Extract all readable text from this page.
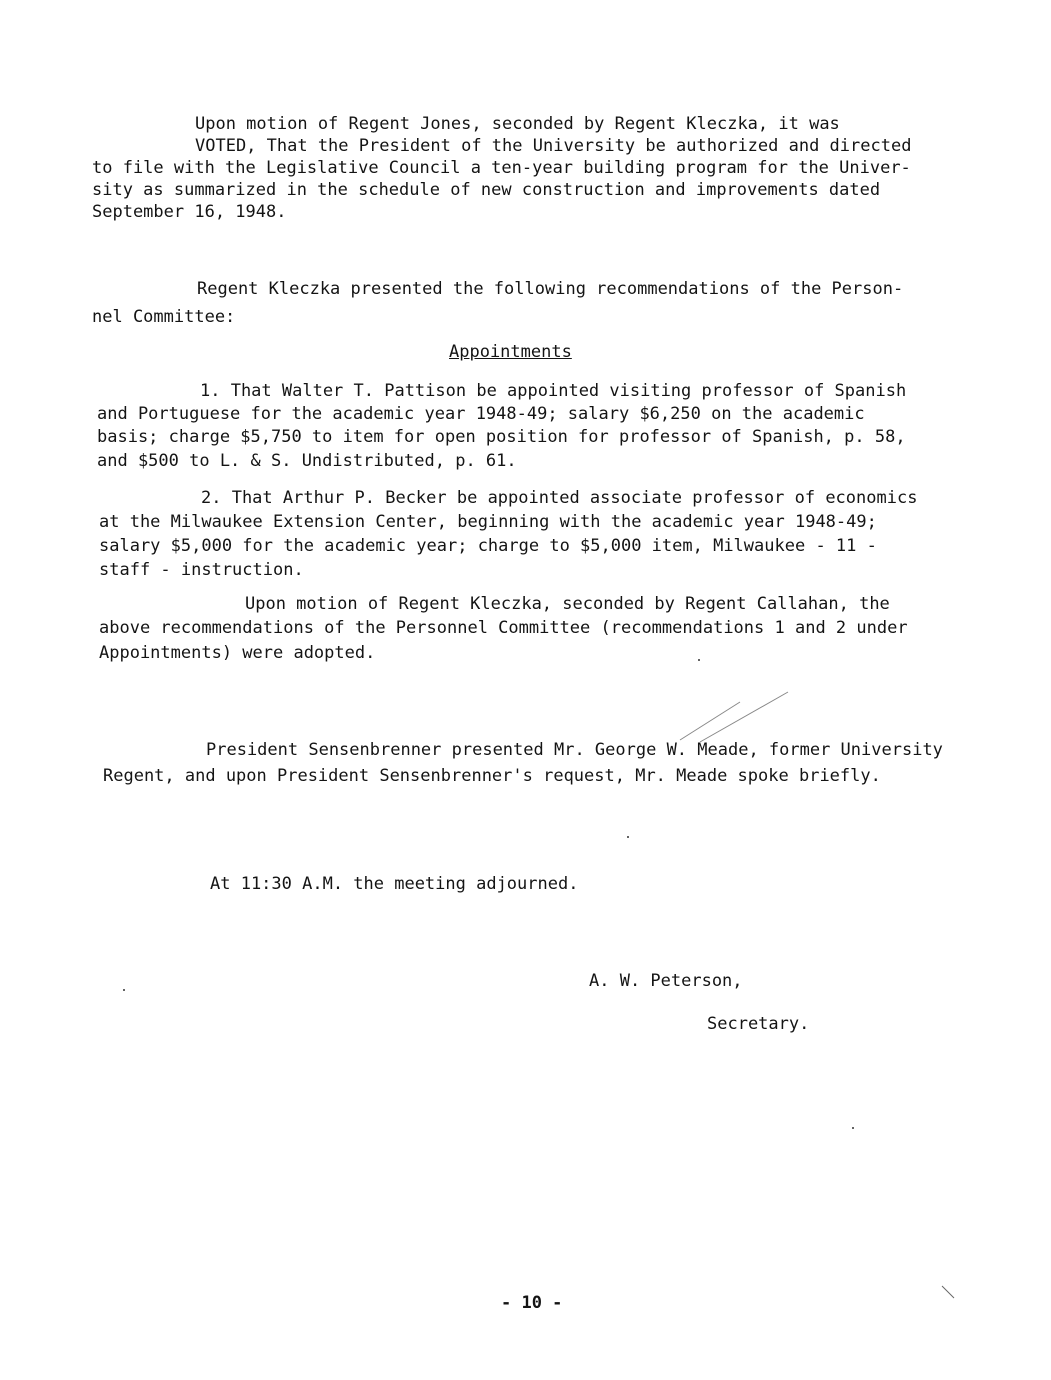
Upon motion of Regent Jones, seconded by Regent Kleczka, it was
VOTED, That the President of the University be authorized and directed
to file with the Legislative Council a ten-year building program for the Univer-
sity as summarized in the schedule of new construction and improvements dated
September 16, 1948.
Regent Kleczka presented the following recommendations of the Person-
nel Committee:
Appointments
1. That Walter T. Pattison be appointed visiting professor of Spanish
and Portuguese for the academic year 1948-49; salary $6,250 on the academic
basis; charge $5,750 to item for open position for professor of Spanish, p. 58,
and $500 to L. & S. Undistributed, p. 61.
2. That Arthur P. Becker be appointed associate professor of economics
at the Milwaukee Extension Center, beginning with the academic year 1948-49;
salary $5,000 for the academic year; charge to $5,000 item, Milwaukee - 11 -
staff - instruction.
Upon motion of Regent Kleczka, seconded by Regent Callahan, the
above recommendations of the Personnel Committee (recommendations 1 and 2 under
Appointments) were adopted.
President Sensenbrenner presented Mr. George W. Meade, former University
Regent, and upon President Sensenbrenner's request, Mr. Meade spoke briefly.
At 11:30 A.M. the meeting adjourned.
A. W. Peterson,
Secretary.
- 10 -
